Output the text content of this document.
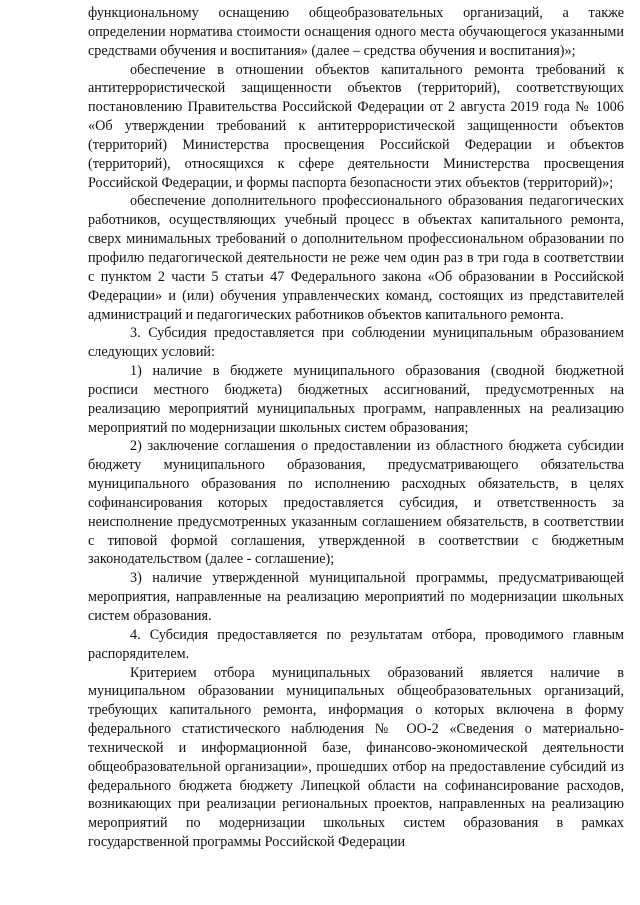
функциональному оснащению общеобразовательных организаций, а также определении норматива стоимости оснащения одного места обучающегося указанными средствами обучения и воспитания» (далее – средства обучения и воспитания)»;

обеспечение в отношении объектов капитального ремонта требований к антитеррористической защищенности объектов (территорий), соответствующих постановлению Правительства Российской Федерации от 2 августа 2019 года № 1006 «Об утверждении требований к антитеррористической защищенности объектов (территорий) Министерства просвещения Российской Федерации и объектов (территорий), относящихся к сфере деятельности Министерства просвещения Российской Федерации, и формы паспорта безопасности этих объектов (территорий)»;

обеспечение дополнительного профессионального образования педагогических работников, осуществляющих учебный процесс в объектах капитального ремонта, сверх минимальных требований о дополнительном профессиональном образовании по профилю педагогической деятельности не реже чем один раз в три года в соответствии с пунктом 2 части 5 статьи 47 Федерального закона «Об образовании в Российской Федерации» и (или) обучения управленческих команд, состоящих из представителей администраций и педагогических работников объектов капитального ремонта.

3. Субсидия предоставляется при соблюдении муниципальным образованием следующих условий:

1) наличие в бюджете муниципального образования (сводной бюджетной росписи местного бюджета) бюджетных ассигнований, предусмотренных на реализацию мероприятий муниципальных программ, направленных на реализацию мероприятий по модернизации школьных систем образования;

2) заключение соглашения о предоставлении из областного бюджета субсидии бюджету муниципального образования, предусматривающего обязательства муниципального образования по исполнению расходных обязательств, в целях софинансирования которых предоставляется субсидия, и ответственность за неисполнение предусмотренных указанным соглашением обязательств, в соответствии с типовой формой соглашения, утвержденной в соответствии с бюджетным законодательством (далее - соглашение);

3) наличие утвержденной муниципальной программы, предусматривающей мероприятия, направленные на реализацию мероприятий по модернизации школьных систем образования.

4. Субсидия предоставляется по результатам отбора, проводимого главным распорядителем.

Критерием отбора муниципальных образований является наличие в муниципальном образовании муниципальных общеобразовательных организаций, требующих капитального ремонта, информация о которых включена в форму федерального статистического наблюдения № ОО-2 «Сведения о материально-технической и информационной базе, финансово-экономической деятельности общеобразовательной организации», прошедших отбор на предоставление субсидий из федерального бюджета бюджету Липецкой области на софинансирование расходов, возникающих при реализации региональных проектов, направленных на реализацию мероприятий по модернизации школьных систем образования в рамках государственной программы Российской Федерации
